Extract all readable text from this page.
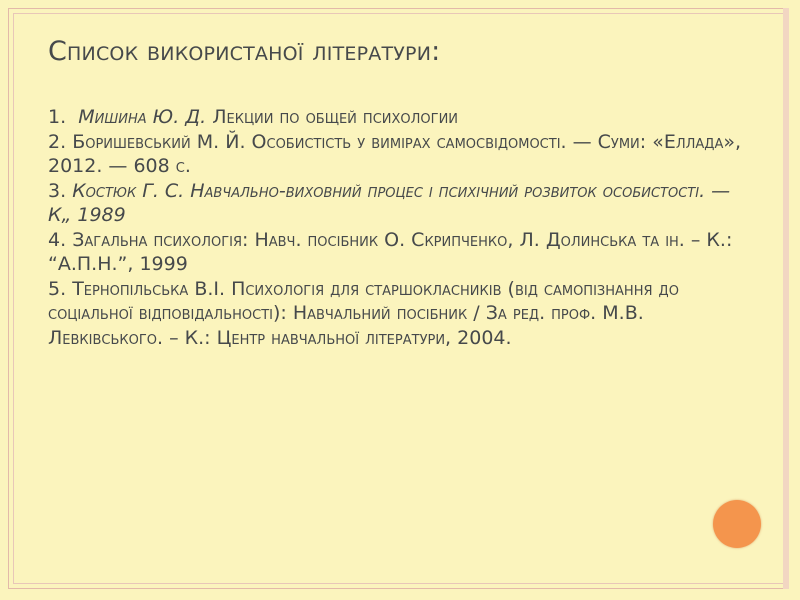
Список використаної літератури:
1. Мишина Ю. Д. Лекции по общей психологии
2. Боришевський М. Й. Особистість у вимірах самосвідомості. — Суми: «Еллада», 2012. — 608 с.
3. Костюк Г. С. Навчально-виховний процес і психічний розвиток особистості. — К„ 1989
4. Загальна психологія: Навч. посібник О. Скрипченко, Л. Долинська та ін. – К.: “А.П.Н.”, 1999
5. Тернопільська В.І. Психологія для старшокласників (від самопізнання до соціальної відповідальності): Навчальний посібник / За ред. проф. М.В. Левківського. – К.: Центр навчальної літератури, 2004.
